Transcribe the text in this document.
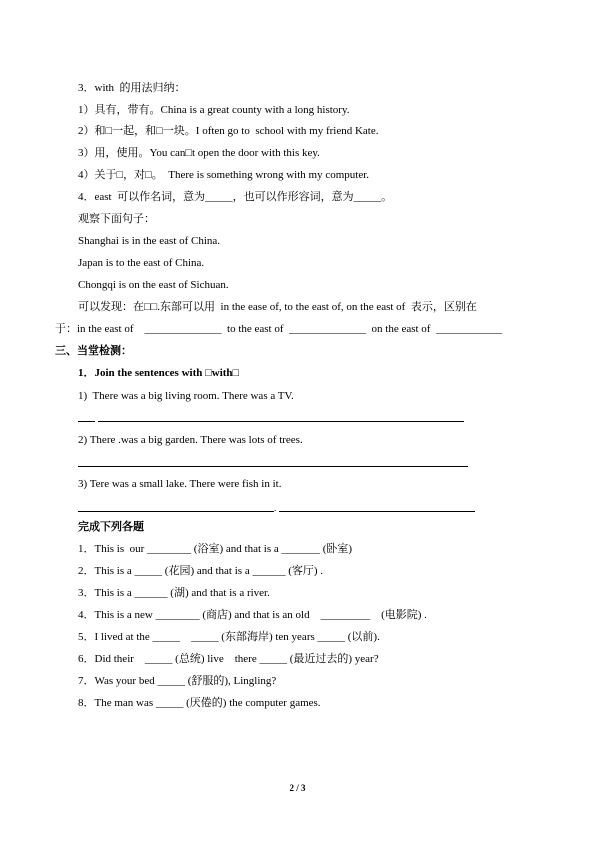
3．with  的用法归纳：
1）具有，带有。China is a great county with a long history.
2）和□一起，和□一块。I often go to  school with my friend Kate.
3）用，使用。You can□t open the door with this key.
4）关于□，对□。  There is something wrong with my computer.
4．east  可以作名词，意为_____，也可以作形容词，意为_____。
观察下面句子：
Shanghai is in the east of China.
Japan is to the east of China.
Chongqi is on the east of Sichuan.
可以发现：在□□.东部可以用  in the ease of, to the east of, on the east of  表示，区别在
于：in the east of    ______________  to the east of  ______________  on the east of  ____________
三、当堂检测：
1．Join the sentences with □with□
1)  There was a big living room. There was a TV.
2) There .was a big garden. There was lots of trees.
3) Tere was a small lake. There were fish in it.
.
完成下列各题
1．This is  our ________ (浴室) and that is a _______ (卧室)
2．This is a _____ (花园) and that is a ______ (客厅) .
3．This is a ______ (湖) and that is a river.
4．This is a new ________ (商店) and that is an old    _________    (电影院) .
5．I lived at the _____    _____ (东部海岸) ten years _____ (以前).
6．Did their    _____ (总统) live    there _____ (最近过去的) year?
7．Was your bed _____ (舒服的), Lingling?
8．The man was _____ (厌倦的) the computer games.
2 / 3
